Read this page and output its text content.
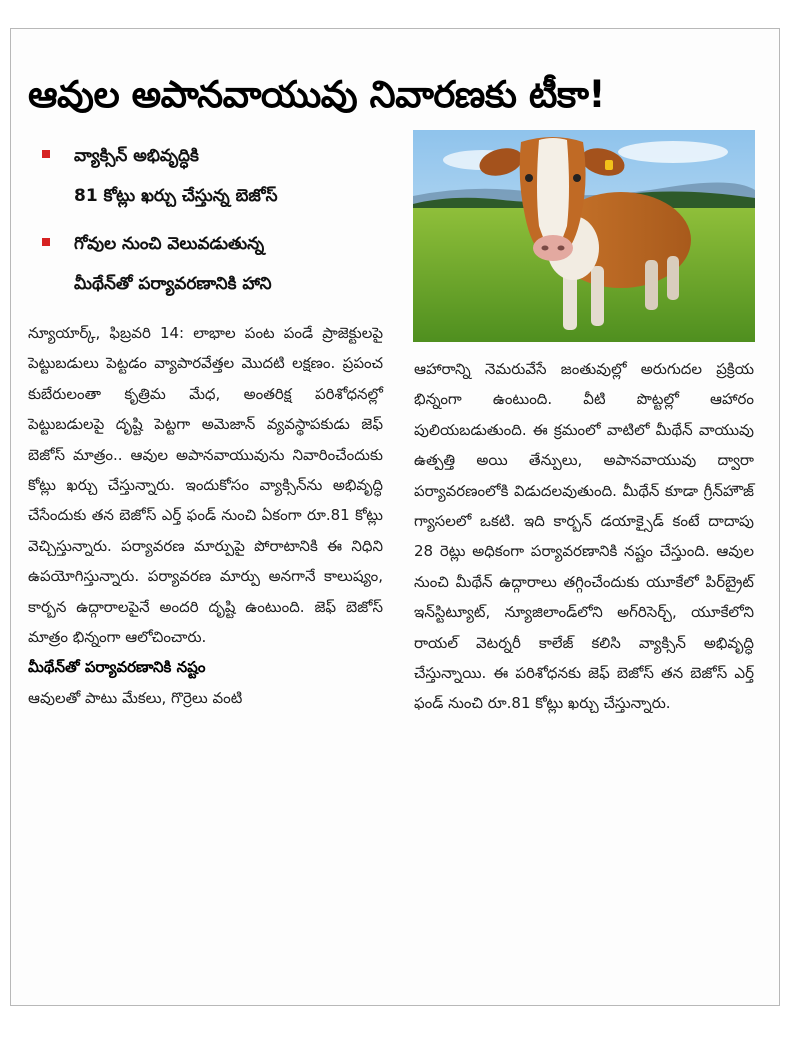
ఆవుల అపానవాయువు నివారణకు టీకా!
వ్యాక్సిన్ అభివృద్ధికి
81 కోట్లు ఖర్చు చేస్తున్న బెజోస్
గోవుల నుంచి వెలువడుతున్న
మీథేన్‌తో పర్యావరణానికి హాని
న్యూయార్క్, ఫిబ్రవరి 14: లాభాల పంట పండే ప్రాజెక్టులపై పెట్టుబడులు పెట్టడం వ్యాపారవేత్తల మొదటి లక్షణం. ప్రపంచ కుబేరులంతా కృత్రిమ మేధ, అంతరిక్ష పరిశోధనల్లో పెట్టుబడులపై దృష్టి పెట్టగా అమెజాన్ వ్యవస్థాపకుడు జెఫ్ బెజోస్ మాత్రం.. ఆవుల అపానవాయువును నివారించేందుకు కోట్లు ఖర్చు చేస్తున్నారు. ఇందుకోసం వ్యాక్సిన్‌ను అభివృద్ధి చేసేందుకు తన బెజోస్ ఎర్త్ ఫండ్ నుంచి ఏకంగా రూ.81 కోట్లు వెచ్చిస్తున్నారు. పర్యావరణ మార్పుపై పోరాటానికి ఈ నిధిని ఉపయోగిస్తున్నారు. పర్యావరణ మార్పు అనగానే కాలుష్యం, కార్బన ఉద్గారాలపైనే అందరి దృష్టి ఉంటుంది. జెఫ్ బెజోస్ మాత్రం భిన్నంగా ఆలోచించారు.
మీథేన్‌తో పర్యావరణానికి నష్టం
ఆవులతో పాటు మేకలు, గొర్రెలు వంటి
ఆహారాన్ని నెమరువేసే జంతువుల్లో అరుగుదల ప్రక్రియ భిన్నంగా ఉంటుంది. వీటి పొట్టల్లో ఆహారం పులియబడుతుంది. ఈ క్రమంలో వాటిలో మీథేన్ వాయువు ఉత్పత్తి అయి తేన్పులు, అపానవాయువు ద్వారా పర్యావరణంలోకి విడుదలవుతుంది. మీథేన్ కూడా గ్రీన్‌హౌజ్ గ్యాసలలో ఒకటి. ఇది కార్బన్ డయాక్సైడ్ కంటే దాదాపు 28 రెట్లు అధికంగా పర్యావరణానికి నష్టం చేస్తుంది. ఆవుల నుంచి మీథేన్ ఉద్గారాలు తగ్గించేందుకు యూకేలో పిర్‌బ్రైట్ ఇన్‌స్టిట్యూట్, న్యూజిలాండ్‌లోని అగ్‌రిసెర్చ్, యూకేలోని రాయల్ వెటర్నరీ కాలేజ్ కలిసి వ్యాక్సిన్ అభివృద్ధి చేస్తున్నాయి. ఈ పరిశోధనకు జెఫ్ బెజోస్ తన బెజోస్ ఎర్త్ ఫండ్ నుంచి రూ.81 కోట్లు ఖర్చు చేస్తున్నారు.
